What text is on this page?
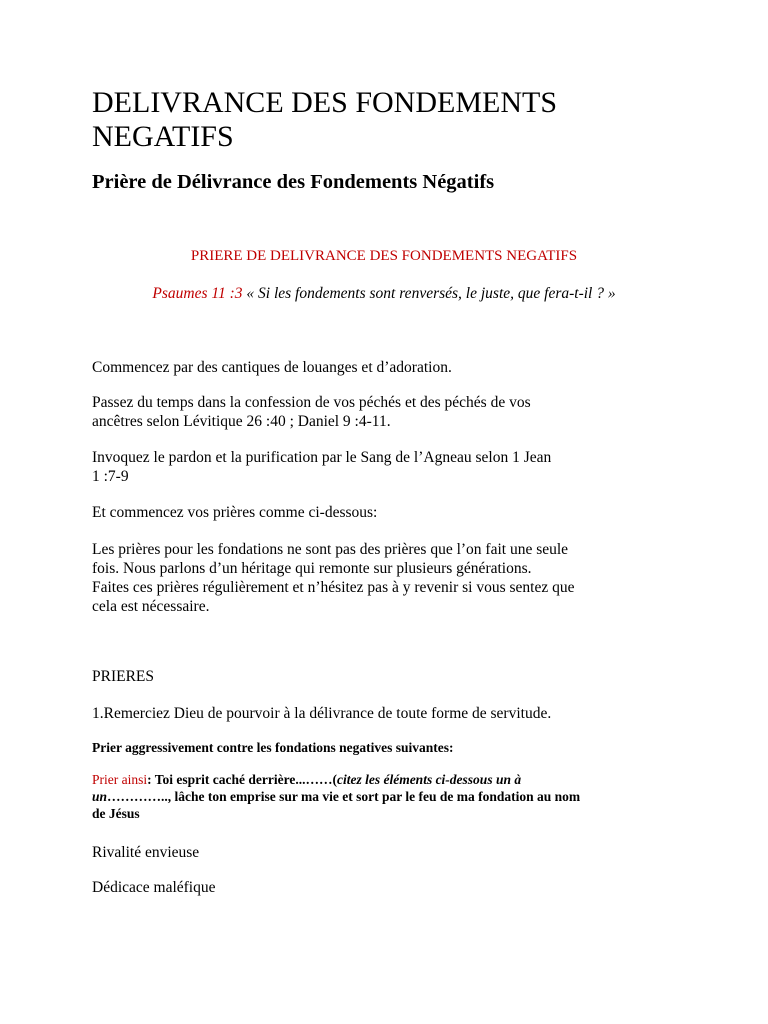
DELIVRANCE DES FONDEMENTS
NEGATIFS
Prière de Délivrance des Fondements Négatifs
PRIERE DE DELIVRANCE DES FONDEMENTS NEGATIFS
Psaumes 11 :3 « Si les fondements sont renversés, le juste, que fera-t-il ? »
Commencez par des cantiques de louanges et d’adoration.
Passez du temps dans la confession de vos péchés et des péchés de vos
ancêtres selon Lévitique 26 :40 ; Daniel 9 :4-11.
Invoquez le pardon et la purification par le Sang de l’Agneau selon 1 Jean
1 :7-9
Et commencez vos prières comme ci-dessous:
Les prières pour les fondations ne sont pas des prières que l’on fait une seule
fois. Nous parlons d’un héritage qui remonte sur plusieurs générations.
Faites ces prières régulièrement et n’hésitez pas à y revenir si vous sentez que
cela est nécessaire.
PRIERES
1.Remerciez Dieu de pourvoir à la délivrance de toute forme de servitude.
Prier aggressivement contre les fondations negatives suivantes:
Prier ainsi: Toi esprit caché derrière...……(citez les éléments ci-dessous un à
un………….., lâche ton emprise sur ma vie et sort par le feu de ma fondation au nom
de Jésus
Rivalité envieuse
Dédicace maléfique
